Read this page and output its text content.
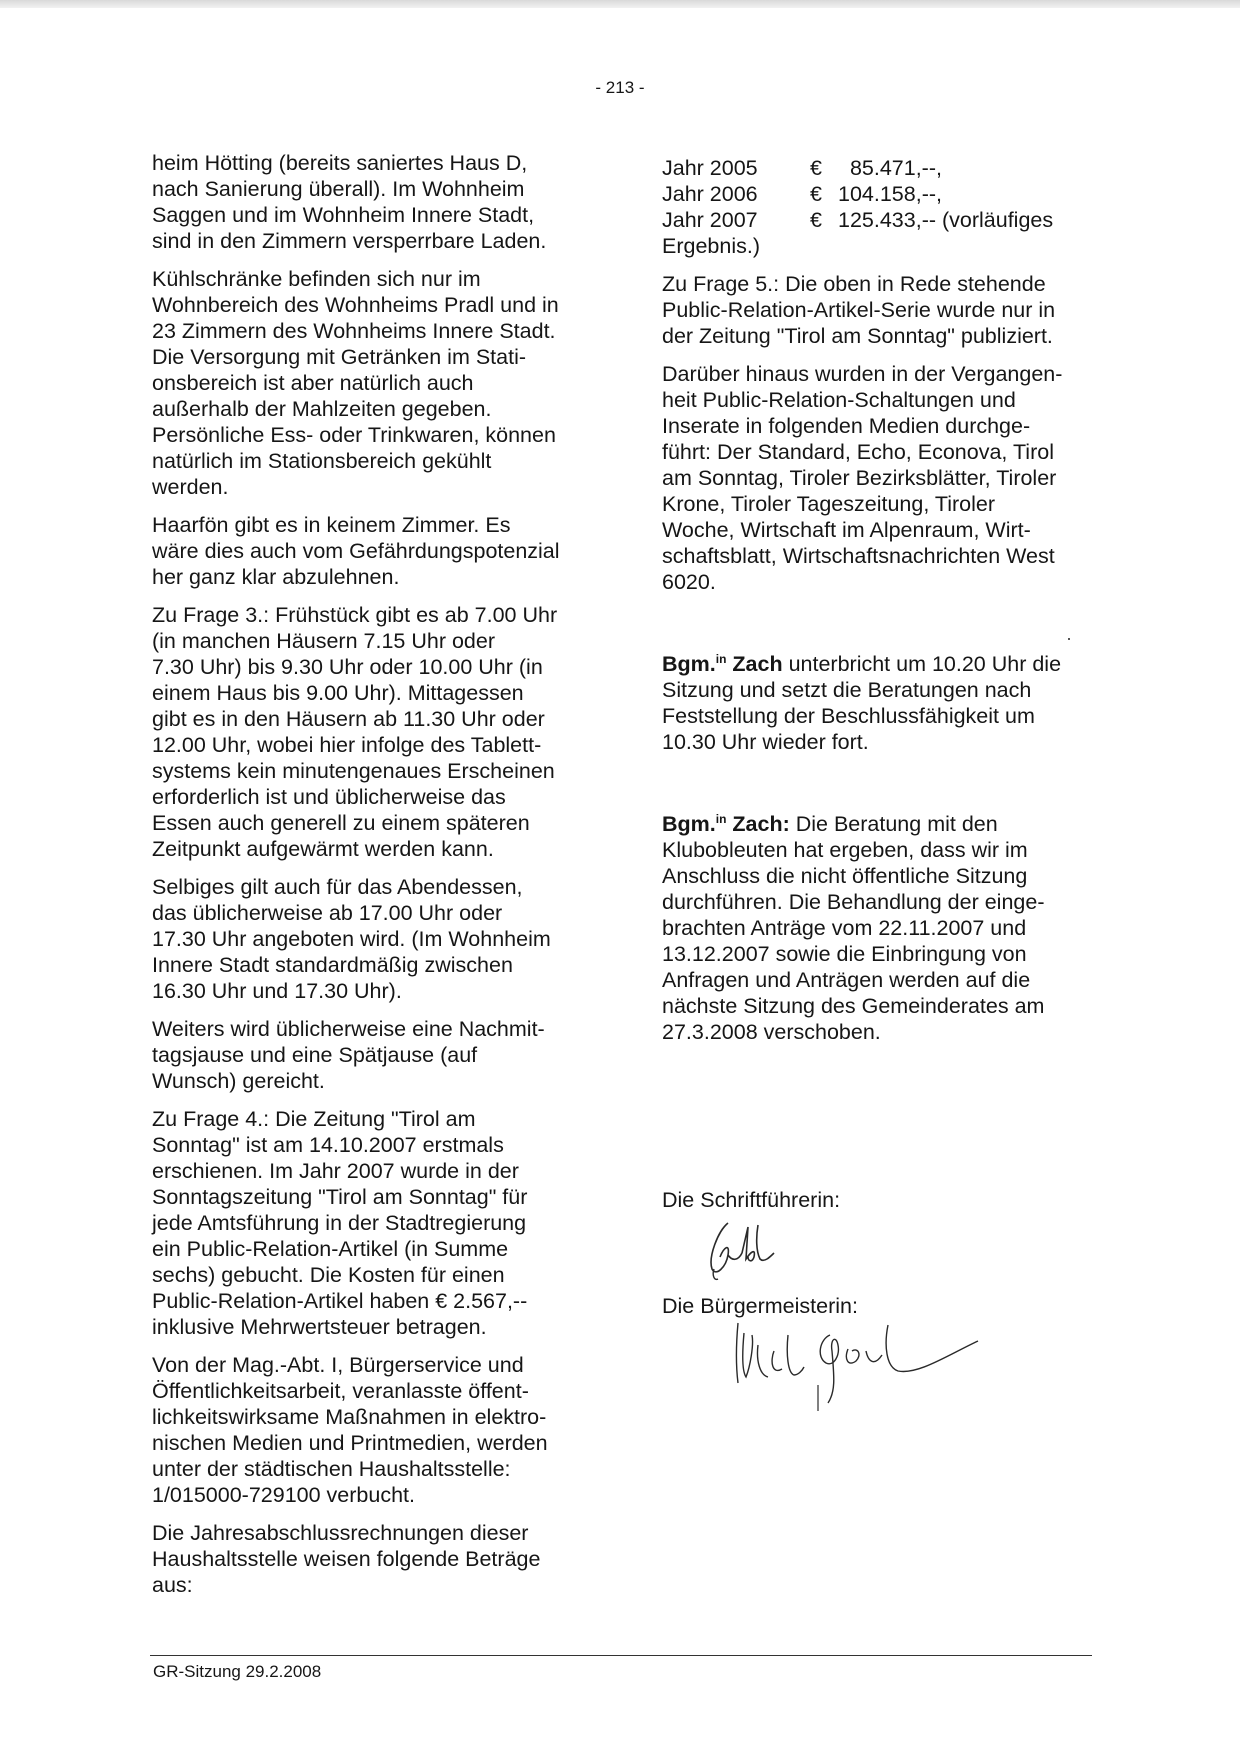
- 213 -

heim Hötting (bereits saniertes Haus D,
nach Sanierung überall). Im Wohnheim
Saggen und im Wohnheim Innere Stadt,
sind in den Zimmern versperrbare Laden.

Kühlschränke befinden sich nur im
Wohnbereich des Wohnheims Pradl und in
23 Zimmern des Wohnheims Innere Stadt.
Die Versorgung mit Getränken im Stati-
onsbereich ist aber natürlich auch
außerhalb der Mahlzeiten gegeben.
Persönliche Ess- oder Trinkwaren, können
natürlich im Stationsbereich gekühlt
werden.

Haarfön gibt es in keinem Zimmer. Es
wäre dies auch vom Gefährdungspotenzial
her ganz klar abzulehnen.

Zu Frage 3.: Frühstück gibt es ab 7.00 Uhr
(in manchen Häusern 7.15 Uhr oder
7.30 Uhr) bis 9.30 Uhr oder 10.00 Uhr (in
einem Haus bis 9.00 Uhr). Mittagessen
gibt es in den Häusern ab 11.30 Uhr oder
12.00 Uhr, wobei hier infolge des Tablett-
systems kein minutengenaues Erscheinen
erforderlich ist und üblicherweise das
Essen auch generell zu einem späteren
Zeitpunkt aufgewärmt werden kann.

Selbiges gilt auch für das Abendessen,
das üblicherweise ab 17.00 Uhr oder
17.30 Uhr angeboten wird. (Im Wohnheim
Innere Stadt standardmäßig zwischen
16.30 Uhr und 17.30 Uhr).

Weiters wird üblicherweise eine Nachmit-
tagsjause und eine Spätjause (auf
Wunsch) gereicht.

Zu Frage 4.: Die Zeitung "Tirol am
Sonntag" ist am 14.10.2007 erstmals
erschienen. Im Jahr 2007 wurde in der
Sonntagszeitung "Tirol am Sonntag" für
jede Amtsführung in der Stadtregierung
ein Public-Relation-Artikel (in Summe
sechs) gebucht. Die Kosten für einen
Public-Relation-Artikel haben € 2.567,--
inklusive Mehrwertsteuer betragen.

Von der Mag.-Abt. I, Bürgerservice und
Öffentlichkeitsarbeit, veranlasste öffent-
lichkeitswirksame Maßnahmen in elektro-
nischen Medien und Printmedien, werden
unter der städtischen Haushaltsstelle:
1/015000-729100 verbucht.

Die Jahresabschlussrechnungen dieser
Haushaltsstelle weisen folgende Beträge
aus:

Jahr 2005	€	85.471,--,
Jahr 2006	€	104.158,--,
Jahr 2007	€	125.433,-- (vorläufiges

Ergebnis.)

Zu Frage 5.: Die oben in Rede stehende
Public-Relation-Artikel-Serie wurde nur in
der Zeitung "Tirol am Sonntag" publiziert.

Darüber hinaus wurden in der Vergangen-
heit Public-Relation-Schaltungen und
Inserate in folgenden Medien durchge-
führt: Der Standard, Echo, Econova, Tirol
am Sonntag, Tiroler Bezirksblätter, Tiroler
Krone, Tiroler Tageszeitung, Tiroler
Woche, Wirtschaft im Alpenraum, Wirt-
schaftsblatt, Wirtschaftsnachrichten West
6020.

Bgm.$^{in}$ Zach unterbricht um 10.20 Uhr die
Sitzung und setzt die Beratungen nach
Feststellung der Beschlussfähigkeit um
10.30 Uhr wieder fort.

Bgm.$^{in}$ Zach: Die Beratung mit den
Klubobleuten hat ergeben, dass wir im
Anschluss die nicht öffentliche Sitzung
durchführen. Die Behandlung der einge-
brachten Anträge vom 22.11.2007 und
13.12.2007 sowie die Einbringung von
Anfragen und Anträgen werden auf die
nächste Sitzung des Gemeinderates am
27.3.2008 verschoben.

Die Schriftführerin:

Die Bürgermeisterin:

GR-Sitzung 29.2.2008
